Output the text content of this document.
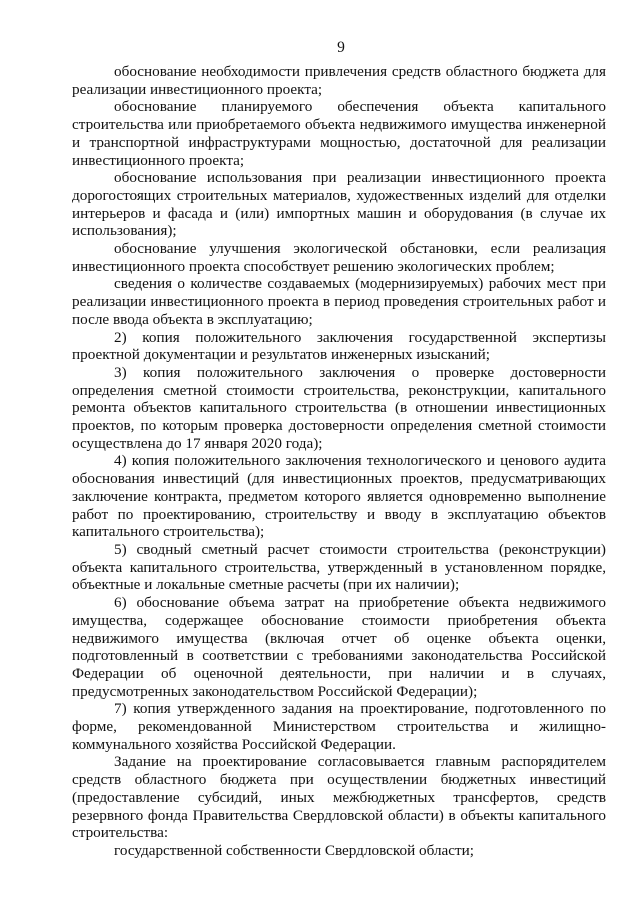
9

обоснование необходимости привлечения средств областного бюджета для реализации инвестиционного проекта;

обоснование планируемого обеспечения объекта капитального строительства или приобретаемого объекта недвижимого имущества инженерной и транспортной инфраструктурами мощностью, достаточной для реализации инвестиционного проекта;

обоснование использования при реализации инвестиционного проекта дорогостоящих строительных материалов, художественных изделий для отделки интерьеров и фасада и (или) импортных машин и оборудования (в случае их использования);

обоснование улучшения экологической обстановки, если реализация инвестиционного проекта способствует решению экологических проблем;

сведения о количестве создаваемых (модернизируемых) рабочих мест при реализации инвестиционного проекта в период проведения строительных работ и после ввода объекта в эксплуатацию;

2) копия положительного заключения государственной экспертизы проектной документации и результатов инженерных изысканий;

3) копия положительного заключения о проверке достоверности определения сметной стоимости строительства, реконструкции, капитального ремонта объектов капитального строительства (в отношении инвестиционных проектов, по которым проверка достоверности определения сметной стоимости осуществлена до 17 января 2020 года);

4) копия положительного заключения технологического и ценового аудита обоснования инвестиций (для инвестиционных проектов, предусматривающих заключение контракта, предметом которого является одновременно выполнение работ по проектированию, строительству и вводу в эксплуатацию объектов капитального строительства);

5) сводный сметный расчет стоимости строительства (реконструкции) объекта капитального строительства, утвержденный в установленном порядке, объектные и локальные сметные расчеты (при их наличии);

6) обоснование объема затрат на приобретение объекта недвижимого имущества, содержащее обоснование стоимости приобретения объекта недвижимого имущества (включая отчет об оценке объекта оценки, подготовленный в соответствии с требованиями законодательства Российской Федерации об оценочной деятельности, при наличии и в случаях, предусмотренных законодательством Российской Федерации);

7) копия утвержденного задания на проектирование, подготовленного по форме, рекомендованной Министерством строительства и жилищно-коммунального хозяйства Российской Федерации.

Задание на проектирование согласовывается главным распорядителем средств областного бюджета при осуществлении бюджетных инвестиций (предоставление субсидий, иных межбюджетных трансфертов, средств резервного фонда Правительства Свердловской области) в объекты капитального строительства:

государственной собственности Свердловской области;
